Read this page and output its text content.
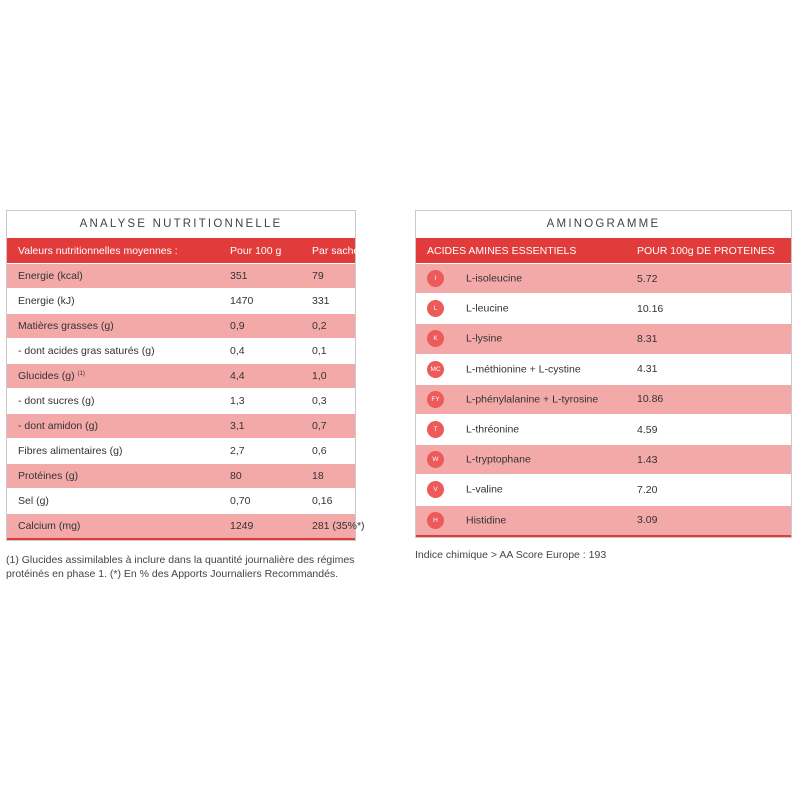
ANALYSE NUTRITIONNELLE
Valeurs nutritionnelles moyennes :	Pour 100 g	Par sachet
Energie (kcal)	351	79
Energie (kJ)	1470	331
Matières grasses (g)	0,9	0,2
- dont acides gras saturés (g)	0,4	0,1
Glucides (g) $^{(1)}$	4,4	1,0
- dont sucres (g)	1,3	0,3
- dont amidon (g)	3,1	0,7
Fibres alimentaires (g)	2,7	0,6
Protéines (g)	80	18
Sel (g)	0,70	0,16
Calcium (mg)	1249	281 (35%*)
AMINOGRAMME
ACIDES AMINES ESSENTIELS	POUR 100g DE PROTEINES
I L-isoleucine	5.72
L L-leucine	10.16
K L-lysine	8.31
MC L-méthionine + L-cystine	4.31
FY L-phénylalanine + L-tyrosine	10.86
T L-thréonine	4.59
W L-tryptophane	1.43
V L-valine	7.20
H Histidine	3.09
(1) Glucides assimilables à inclure dans la quantité journalière des régimes protéinés en phase 1. (*) En % des Apports Journaliers Recommandés.
Indice chimique > AA Score Europe : 193
